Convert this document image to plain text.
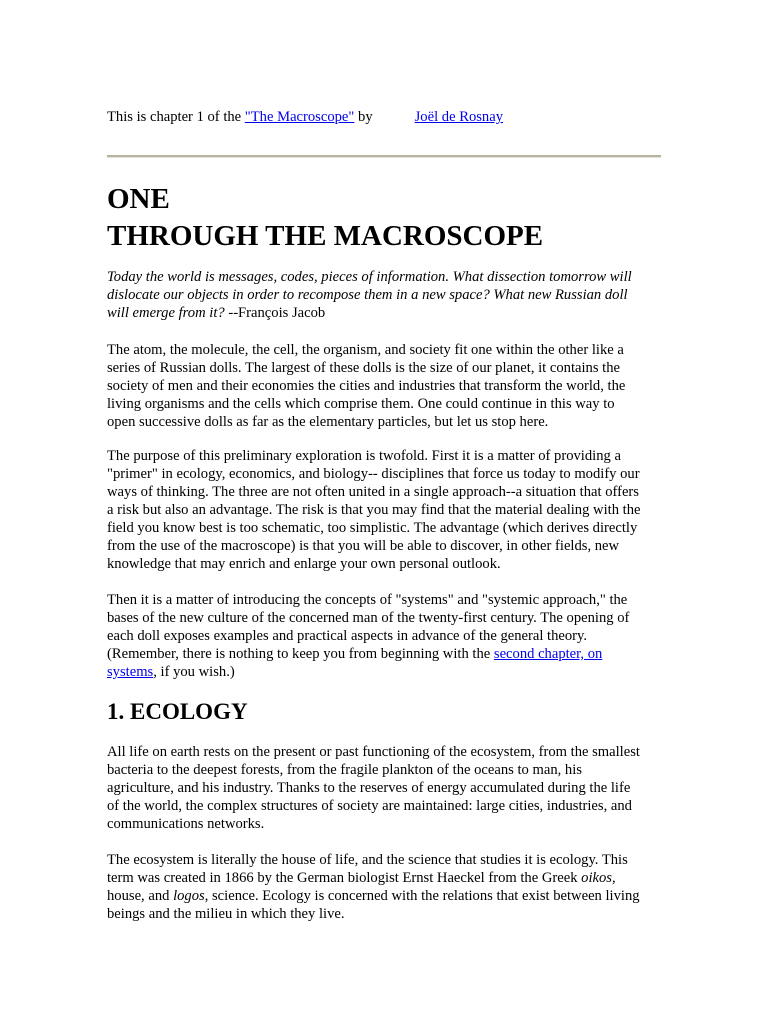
This is chapter 1 of the "The Macroscope" by	Joël de Rosnay

ONE
THROUGH THE MACROSCOPE

Today the world is messages, codes, pieces of information. What dissection tomorrow will
dislocate our objects in order to recompose them in a new space? What new Russian doll
will emerge from it? --François Jacob

The atom, the molecule, the cell, the organism, and society fit one within the other like a
series of Russian dolls. The largest of these dolls is the size of our planet, it contains the
society of men and their economies the cities and industries that transform the world, the
living organisms and the cells which comprise them. One could continue in this way to
open successive dolls as far as the elementary particles, but let us stop here.

The purpose of this preliminary exploration is twofold. First it is a matter of providing a
"primer" in ecology, economics, and biology-- disciplines that force us today to modify our
ways of thinking. The three are not often united in a single approach--a situation that offers
a risk but also an advantage. The risk is that you may find that the material dealing with the
field you know best is too schematic, too simplistic. The advantage (which derives directly
from the use of the macroscope) is that you will be able to discover, in other fields, new
knowledge that may enrich and enlarge your own personal outlook.

Then it is a matter of introducing the concepts of "systems" and "systemic approach," the
bases of the new culture of the concerned man of the twenty-first century. The opening of
each doll exposes examples and practical aspects in advance of the general theory.
(Remember, there is nothing to keep you from beginning with the second chapter, on
systems, if you wish.)

1. ECOLOGY

All life on earth rests on the present or past functioning of the ecosystem, from the smallest
bacteria to the deepest forests, from the fragile plankton of the oceans to man, his
agriculture, and his industry. Thanks to the reserves of energy accumulated during the life
of the world, the complex structures of society are maintained: large cities, industries, and
communications networks.

The ecosystem is literally the house of life, and the science that studies it is ecology. This
term was created in 1866 by the German biologist Ernst Haeckel from the Greek oikos,
house, and logos, science. Ecology is concerned with the relations that exist between living
beings and the milieu in which they live.
